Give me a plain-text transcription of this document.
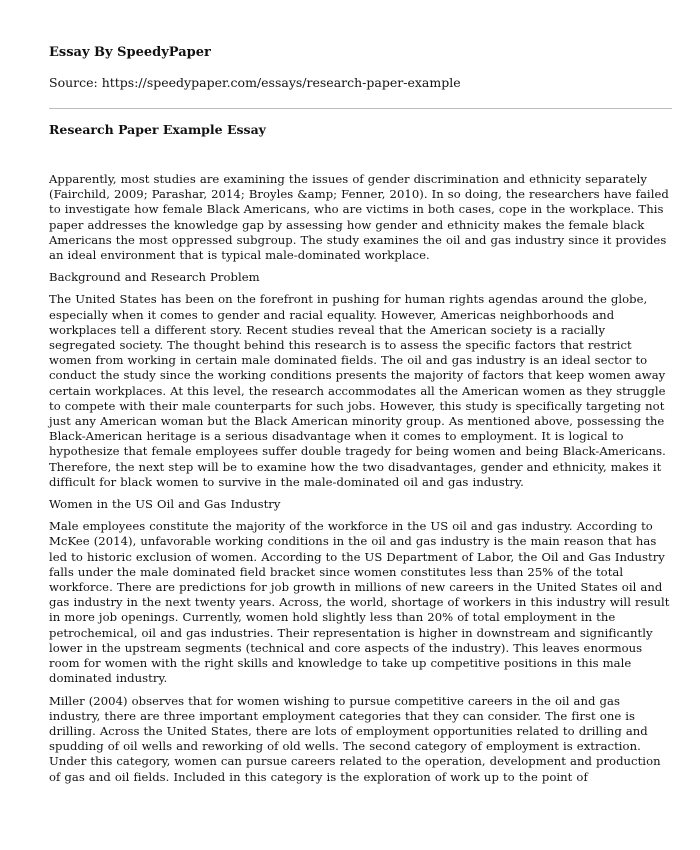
Essay By SpeedyPaper

Source: https://speedypaper.com/essays/research-paper-example

Research Paper Example Essay

Apparently, most studies are examining the issues of gender discrimination and ethnicity separately (Fairchild, 2009; Parashar, 2014; Broyles &amp; Fenner, 2010). In so doing, the researchers have failed to investigate how female Black Americans, who are victims in both cases, cope in the workplace. This paper addresses the knowledge gap by assessing how gender and ethnicity makes the female black Americans the most oppressed subgroup. The study examines the oil and gas industry since it provides an ideal environment that is typical male-dominated workplace.

Background and Research Problem

The United States has been on the forefront in pushing for human rights agendas around the globe, especially when it comes to gender and racial equality. However, Americas neighborhoods and workplaces tell a different story. Recent studies reveal that the American society is a racially segregated society. The thought behind this research is to assess the specific factors that restrict women from working in certain male dominated fields. The oil and gas industry is an ideal sector to conduct the study since the working conditions presents the majority of factors that keep women away certain workplaces. At this level, the research accommodates all the American women as they struggle to compete with their male counterparts for such jobs. However, this study is specifically targeting not just any American woman but the Black American minority group. As mentioned above, possessing the Black-American heritage is a serious disadvantage when it comes to employment. It is logical to hypothesize that female employees suffer double tragedy for being women and being Black-Americans. Therefore, the next step will be to examine how the two disadvantages, gender and ethnicity, makes it difficult for black women to survive in the male-dominated oil and gas industry.

Women in the US Oil and Gas Industry

Male employees constitute the majority of the workforce in the US oil and gas industry. According to McKee (2014), unfavorable working conditions in the oil and gas industry is the main reason that has led to historic exclusion of women. According to the US Department of Labor, the Oil and Gas Industry falls under the male dominated field bracket since women constitutes less than 25% of the total workforce. There are predictions for job growth in millions of new careers in the United States oil and gas industry in the next twenty years. Across, the world, shortage of workers in this industry will result in more job openings. Currently, women hold slightly less than 20% of total employment in the petrochemical, oil and gas industries. Their representation is higher in downstream and significantly lower in the upstream segments (technical and core aspects of the industry). This leaves enormous room for women with the right skills and knowledge to take up competitive positions in this male dominated industry.

Miller (2004) observes that for women wishing to pursue competitive careers in the oil and gas industry, there are three important employment categories that they can consider. The first one is drilling. Across the United States, there are lots of employment opportunities related to drilling and spudding of oil wells and reworking of old wells. The second category of employment is extraction. Under this category, women can pursue careers related to the operation, development and production of gas and oil fields. Included in this category is the exploration of work up to the point of
